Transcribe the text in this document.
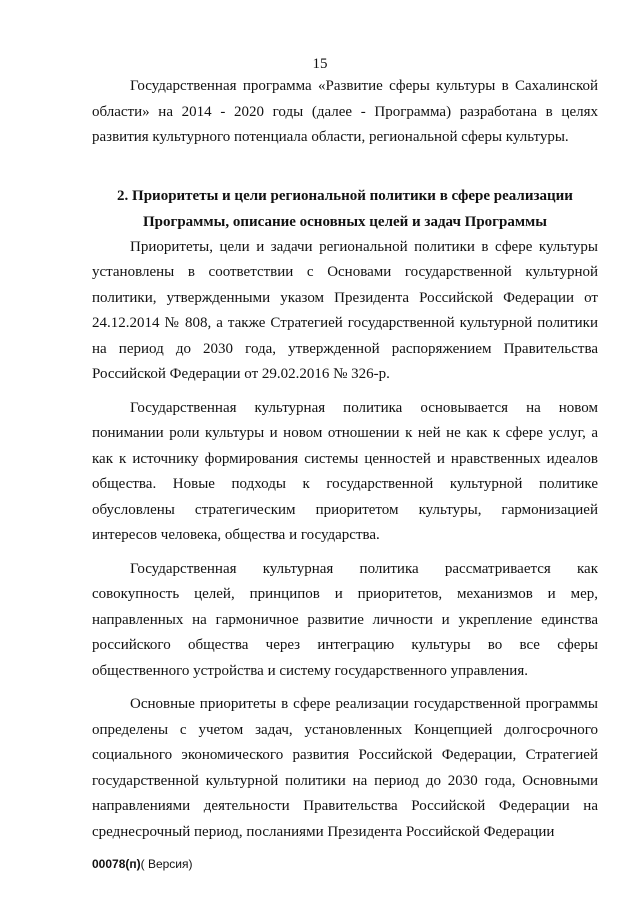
15

Государственная программа «Развитие сферы культуры в Сахалинской области» на 2014 - 2020 годы (далее - Программа) разработана в целях развития культурного потенциала области, региональной сферы культуры.

2. Приоритеты и цели региональной политики в сфере реализации
Программы, описание основных целей и задач Программы

Приоритеты, цели и задачи региональной политики в сфере культуры установлены в соответствии с Основами государственной культурной политики, утвержденными указом Президента Российской Федерации от 24.12.2014 № 808, а также Стратегией государственной культурной политики на период до 2030 года, утвержденной распоряжением Правительства Российской Федерации от 29.02.2016 № 326-р.

Государственная культурная политика основывается на новом понимании роли культуры и новом отношении к ней не как к сфере услуг, а как к источнику формирования системы ценностей и нравственных идеалов общества. Новые подходы к государственной культурной политике обусловлены стратегическим приоритетом культуры, гармонизацией интересов человека, общества и государства.

Государственная культурная политика рассматривается как совокупность целей, принципов и приоритетов, механизмов и мер, направленных на гармоничное развитие личности и укрепление единства российского общества через интеграцию культуры во все сферы общественного устройства и систему государственного управления.

Основные приоритеты в сфере реализации государственной программы определены с учетом задач, установленных Концепцией долгосрочного социального экономического развития Российской Федерации, Стратегией государственной культурной политики на период до 2030 года, Основными направлениями деятельности Правительства Российской Федерации на среднесрочный период, посланиями Президента Российской Федерации

00078(п)( Версия)
